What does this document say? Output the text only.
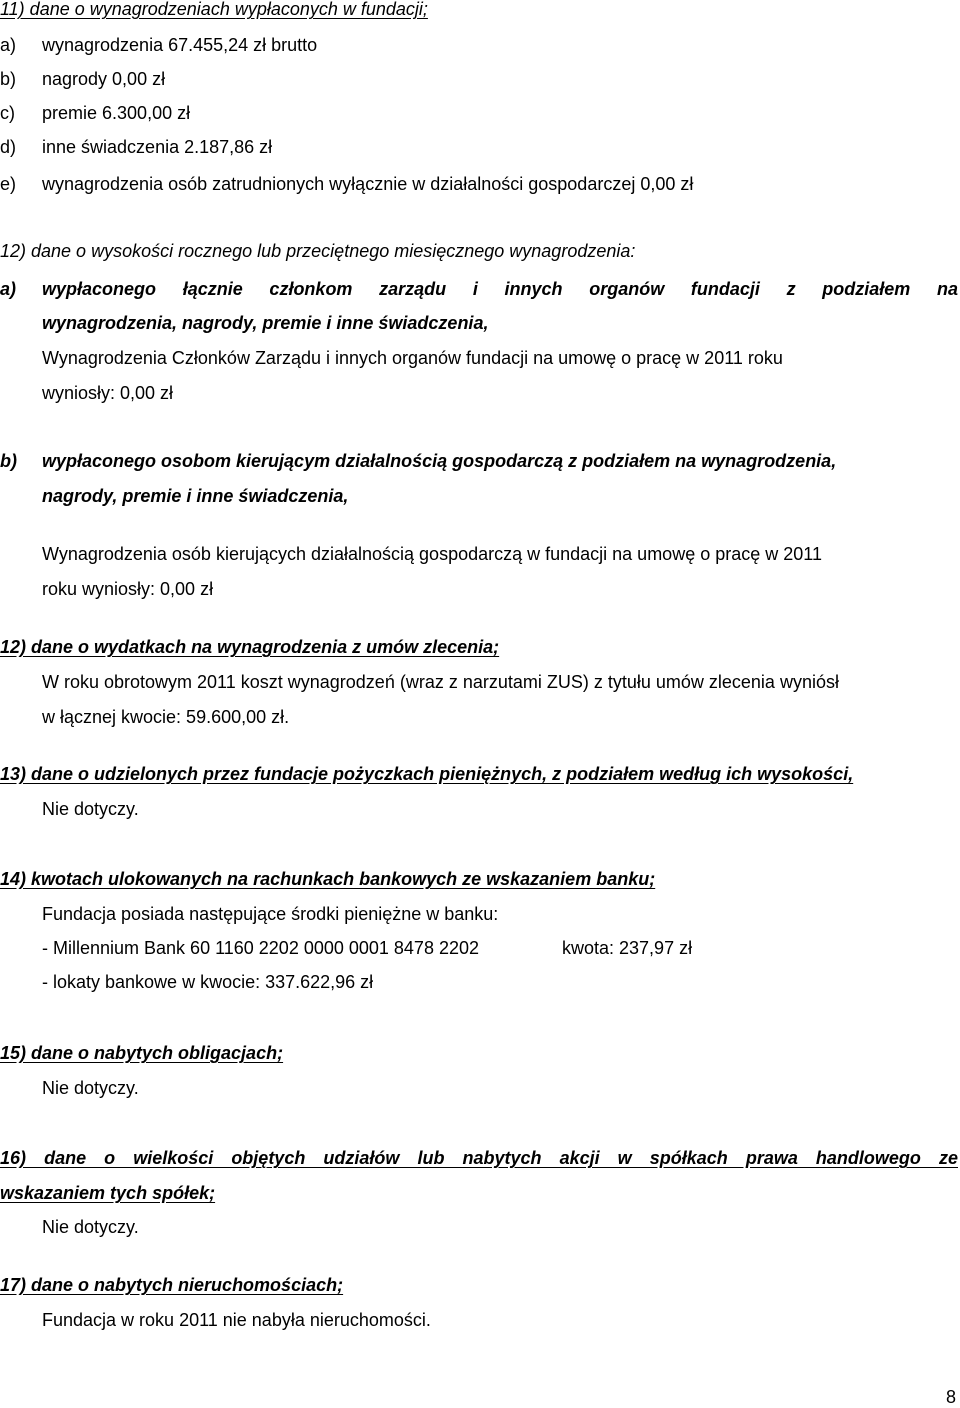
11) dane o wynagrodzeniach wypłaconych w fundacji;
a) wynagrodzenia 67.455,24 zł brutto
b) nagrody 0,00 zł
c) premie 6.300,00 zł
d) inne świadczenia 2.187,86 zł
e) wynagrodzenia osób zatrudnionych wyłącznie w działalności gospodarczej 0,00 zł
12) dane o wysokości rocznego lub przeciętnego miesięcznego wynagrodzenia:
a) wypłaconego łącznie członkom zarządu i innych organów fundacji z podziałem na
wynagrodzenia, nagrody, premie i inne świadczenia,
Wynagrodzenia Członków Zarządu i innych organów fundacji na umowę o pracę w 2011 roku
wyniosły: 0,00 zł
b) wypłaconego osobom kierującym działalnością gospodarczą z podziałem na wynagrodzenia,
nagrody, premie i inne świadczenia,
Wynagrodzenia osób kierujących działalnością gospodarczą w fundacji na umowę o pracę w 2011
roku wyniosły: 0,00 zł
12) dane o wydatkach na wynagrodzenia z umów zlecenia;
W roku obrotowym 2011 koszt wynagrodzeń (wraz z narzutami ZUS) z tytułu umów zlecenia wyniósł
w łącznej kwocie: 59.600,00 zł.
13) dane o udzielonych przez fundacje pożyczkach pieniężnych, z podziałem według ich wysokości,
Nie dotyczy.
14) kwotach ulokowanych na rachunkach bankowych ze wskazaniem banku;
Fundacja posiada następujące środki pieniężne w banku:
- Millennium Bank 60 1160 2202 0000 0001 8478 2202	kwota: 237,97 zł
- lokaty bankowe w kwocie: 337.622,96 zł
15) dane o nabytych obligacjach;
Nie dotyczy.
16) dane o wielkości objętych udziałów lub nabytych akcji w spółkach prawa handlowego ze
wskazaniem tych spółek;
Nie dotyczy.
17) dane o nabytych nieruchomościach;
Fundacja w roku 2011 nie nabyła nieruchomości.
8
